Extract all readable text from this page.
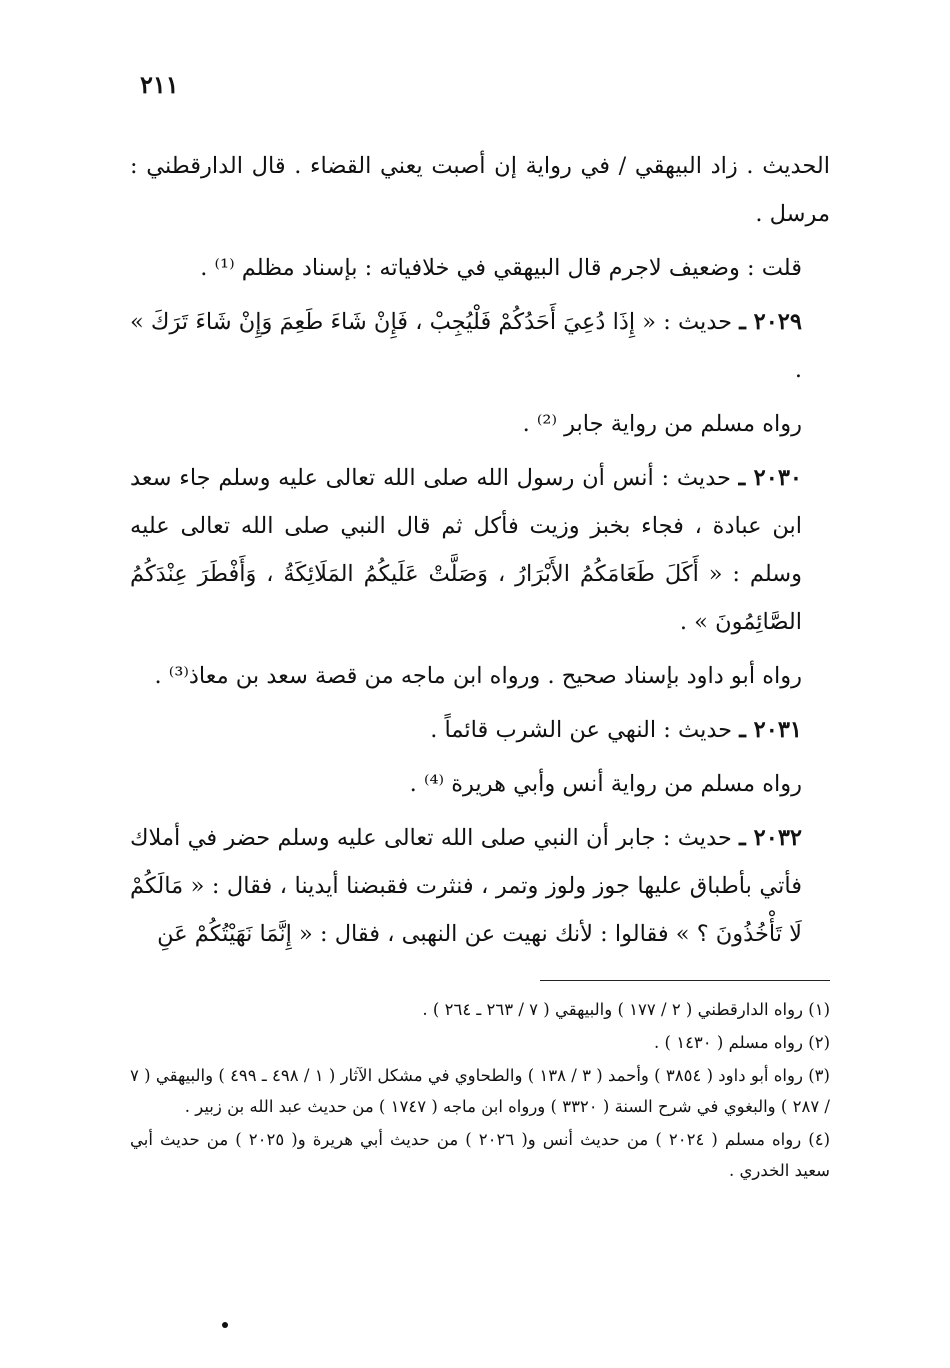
٢١١

الحديث . زاد البيهقي / في رواية إن أصبت يعني القضاء . قال الدارقطني : مرسل .

قلت : وضعيف لاجرم قال البيهقي في خلافياته : بإسناد مظلم ⁽¹⁾ .

٢٠٢٩ ـ حديث : « إِذَا دُعِيَ أَحَدُكُمْ فَلْيُجِبْ ، فَإِنْ شَاءَ طَعِمَ وَإِنْ شَاءَ تَرَكَ » .

رواه مسلم من رواية جابر ⁽²⁾ .

٢٠٣٠ ـ حديث : أنس أن رسول الله صلى الله تعالى عليه وسلم جاء سعد ابن عبادة ، فجاء بخبز وزيت فأكل ثم قال النبي صلى الله تعالى عليه وسلم : « أَكَلَ طَعَامَكُمُ الأَبْرَارُ ، وَصَلَّتْ عَلَيكُمُ المَلَائِكَةُ ، وَأَفْطَرَ عِنْدَكُمُ الصَّائِمُونَ » .

رواه أبو داود بإسناد صحيح . ورواه ابن ماجه من قصة سعد بن معاذ⁽³⁾ .

٢٠٣١ ـ حديث : النهي عن الشرب قائماً .

رواه مسلم من رواية أنس وأبي هريرة ⁽⁴⁾ .

٢٠٣٢ ـ حديث : جابر أن النبي صلى الله تعالى عليه وسلم حضر في أملاك فأتي بأطباق عليها جوز ولوز وتمر ، فنثرت فقبضنا أيدينا ، فقال : « مَالَكُمْ لَا تَأْخُذُونَ ؟ » فقالوا : لأنك نهيت عن النهبى ، فقال : « إِنَّمَا نَهَيْتُكُمْ عَنِ

(١) رواه الدارقطني ( ٢ / ١٧٧ ) والبيهقي ( ٧ / ٢٦٣ ـ ٢٦٤ ) .

(٢) رواه مسلم ( ١٤٣٠ ) .

(٣) رواه أبو داود ( ٣٨٥٤ ) وأحمد ( ٣ / ١٣٨ ) والطحاوي في مشكل الآثار ( ١ / ٤٩٨ ـ ٤٩٩ ) والبيهقي ( ٧ / ٢٨٧ ) والبغوي في شرح السنة ( ٣٣٢٠ ) ورواه ابن ماجه ( ١٧٤٧ ) من حديث عبد الله بن زبير .

(٤) رواه مسلم ( ٢٠٢٤ ) من حديث أنس و( ٢٠٢٦ ) من حديث أبي هريرة و( ٢٠٢٥ ) من حديث أبي سعيد الخدري .
